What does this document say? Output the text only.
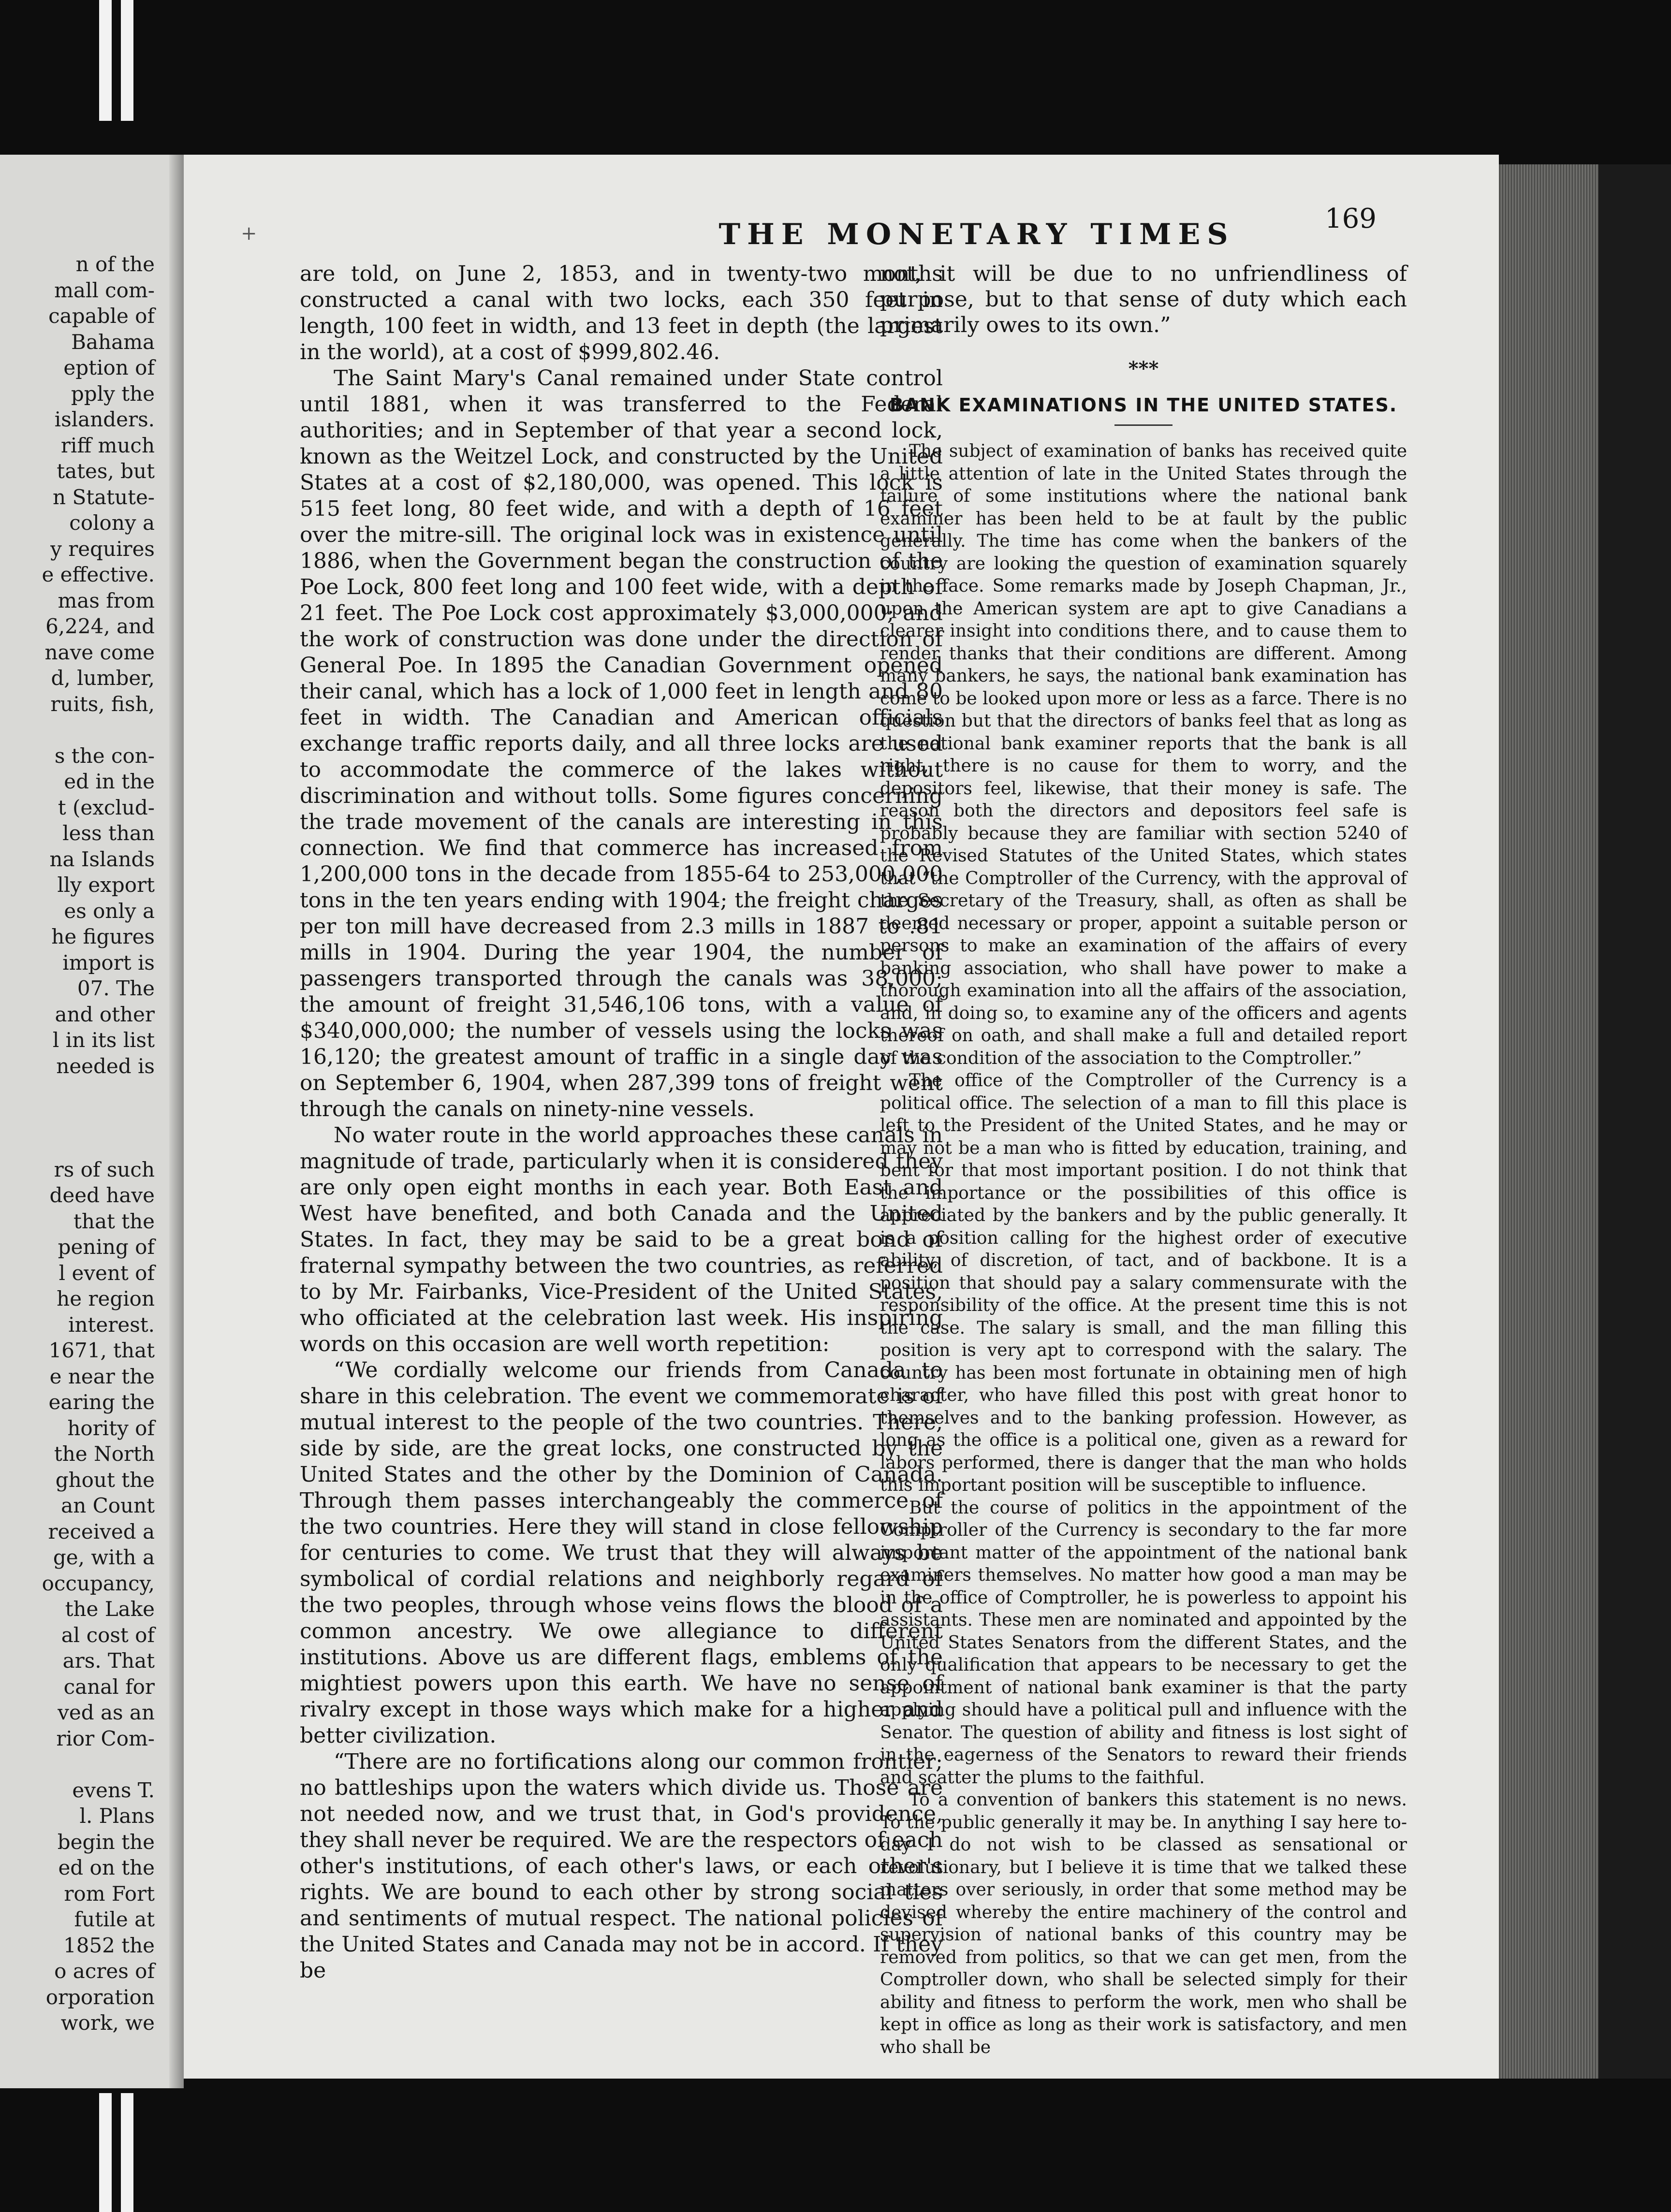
n of the
mall com-
capable of
Bahama
eption of
pply the
islanders.
riff much
tates, but
n Statute-
colony a
y requires
e effective.
mas from
6,224, and
nave come
d, lumber,
ruits, fish,

s the con-
ed in the
t (exclud-
less than
na Islands
lly export
es only a
he figures
import is
07. The
and other
l in its list
needed is

rs of such
deed have
that the
pening of
l event of
he region
interest.
1671, that
e near the
earing the
hority of
the North
ghout the
an Count
received a
ge, with a
occupancy,
the Lake
al cost of
ars. That
canal for
ved as an
rior Com-

evens T.
l. Plans
begin the
ed on the
rom Fort
futile at
1852 the
o acres of
orporation
work, we
+	THE MONETARY TIMES	169

are told, on June 2, 1853, and in twenty-two months constructed a canal with two locks, each 350 feet in length, 100 feet in width, and 13 feet in depth (the largest in the world), at a cost of $999,802.46.

The Saint Mary's Canal remained under State control until 1881, when it was transferred to the Federal authorities; and in September of that year a second lock, known as the Weitzel Lock, and constructed by the United States at a cost of $2,180,000, was opened. This lock is 515 feet long, 80 feet wide, and with a depth of 16 feet over the mitre-sill. The original lock was in existence until 1886, when the Government began the construction of the Poe Lock, 800 feet long and 100 feet wide, with a depth of 21 feet. The Poe Lock cost approximately $3,000,000; and the work of construction was done under the direction of General Poe. In 1895 the Canadian Government opened their canal, which has a lock of 1,000 feet in length and 80 feet in width. The Canadian and American officials exchange traffic reports daily, and all three locks are used to accommodate the commerce of the lakes without discrimination and without tolls. Some figures concerning the trade movement of the canals are interesting in this connection. We find that commerce has increased from 1,200,000 tons in the decade from 1855-64 to 253,000,000 tons in the ten years ending with 1904; the freight charges per ton mill have decreased from 2.3 mills in 1887 to .81 mills in 1904. During the year 1904, the number of passengers transported through the canals was 38,000; the amount of freight 31,546,106 tons, with a value of $340,000,000; the number of vessels using the locks was 16,120; the greatest amount of traffic in a single day was on September 6, 1904, when 287,399 tons of freight went through the canals on ninety-nine vessels.

No water route in the world approaches these canals in magnitude of trade, particularly when it is considered they are only open eight months in each year. Both East and West have benefited, and both Canada and the United States. In fact, they may be said to be a great bond of fraternal sympathy between the two countries, as referred to by Mr. Fairbanks, Vice-President of the United States, who officiated at the celebration last week. His inspiring words on this occasion are well worth repetition:

“We cordially welcome our friends from Canada to share in this celebration. The event we commemorate is of mutual interest to the people of the two countries. There, side by side, are the great locks, one constructed by the United States and the other by the Dominion of Canada. Through them passes interchangeably the commerce of the two countries. Here they will stand in close fellowship for centuries to come. We trust that they will always be symbolical of cordial relations and neighborly regard of the two peoples, through whose veins flows the blood of a common ancestry. We owe allegiance to different institutions. Above us are different flags, emblems of the mightiest powers upon this earth. We have no sense of rivalry except in those ways which make for a higher and better civilization.

“There are no fortifications along our common frontier; no battleships upon the waters which divide us. Those are not needed now, and we trust that, in God's providence, they shall never be required. We are the respectors of each other's institutions, of each other's laws, or each other's rights. We are bound to each other by strong social ties and sentiments of mutual respect. The national policies of the United States and Canada may not be in accord. If they be

not, it will be due to no unfriendliness of purpose, but to that sense of duty which each primarily owes to its own.”

***
BANK EXAMINATIONS IN THE UNITED STATES.

The subject of examination of banks has received quite a little attention of late in the United States through the failure of some institutions where the national bank examiner has been held to be at fault by the public generally. The time has come when the bankers of the country are looking the question of examination squarely in the face. Some remarks made by Joseph Chapman, Jr., upon the American system are apt to give Canadians a clearer insight into conditions there, and to cause them to render thanks that their conditions are different. Among many bankers, he says, the national bank examination has come to be looked upon more or less as a farce. There is no question but that the directors of banks feel that as long as the national bank examiner reports that the bank is all right, there is no cause for them to worry, and the depositors feel, likewise, that their money is safe. The reason both the directors and depositors feel safe is probably because they are familiar with section 5240 of the Revised Statutes of the United States, which states that “the Comptroller of the Currency, with the approval of the Secretary of the Treasury, shall, as often as shall be deemed necessary or proper, appoint a suitable person or persons to make an examination of the affairs of every banking association, who shall have power to make a thorough examination into all the affairs of the association, and, in doing so, to examine any of the officers and agents thereof on oath, and shall make a full and detailed report of the condition of the association to the Comptroller.”

The office of the Comptroller of the Currency is a political office. The selection of a man to fill this place is left to the President of the United States, and he may or may not be a man who is fitted by education, training, and bent for that most important position. I do not think that the importance or the possibilities of this office is appreciated by the bankers and by the public generally. It is a position calling for the highest order of executive ability, of discretion, of tact, and of backbone. It is a position that should pay a salary commensurate with the responsibility of the office. At the present time this is not the case. The salary is small, and the man filling this position is very apt to correspond with the salary. The country has been most fortunate in obtaining men of high character, who have filled this post with great honor to themselves and to the banking profession. However, as long as the office is a political one, given as a reward for labors performed, there is danger that the man who holds this important position will be susceptible to influence.

But the course of politics in the appointment of the Comptroller of the Currency is secondary to the far more important matter of the appointment of the national bank examiners themselves. No matter how good a man may be in the office of Comptroller, he is powerless to appoint his assistants. These men are nominated and appointed by the United States Senators from the different States, and the only qualification that appears to be necessary to get the appointment of national bank examiner is that the party applying should have a political pull and influence with the Senator. The question of ability and fitness is lost sight of in the eagerness of the Senators to reward their friends and scatter the plums to the faithful.

To a convention of bankers this statement is no news. To the public generally it may be. In anything I say here to-day I do not wish to be classed as sensational or revolutionary, but I believe it is time that we talked these matters over seriously, in order that some method may be devised whereby the entire machinery of the control and supervision of national banks of this country may be removed from politics, so that we can get men, from the Comptroller down, who shall be selected simply for their ability and fitness to perform the work, men who shall be kept in office as long as their work is satisfactory, and men who shall be
